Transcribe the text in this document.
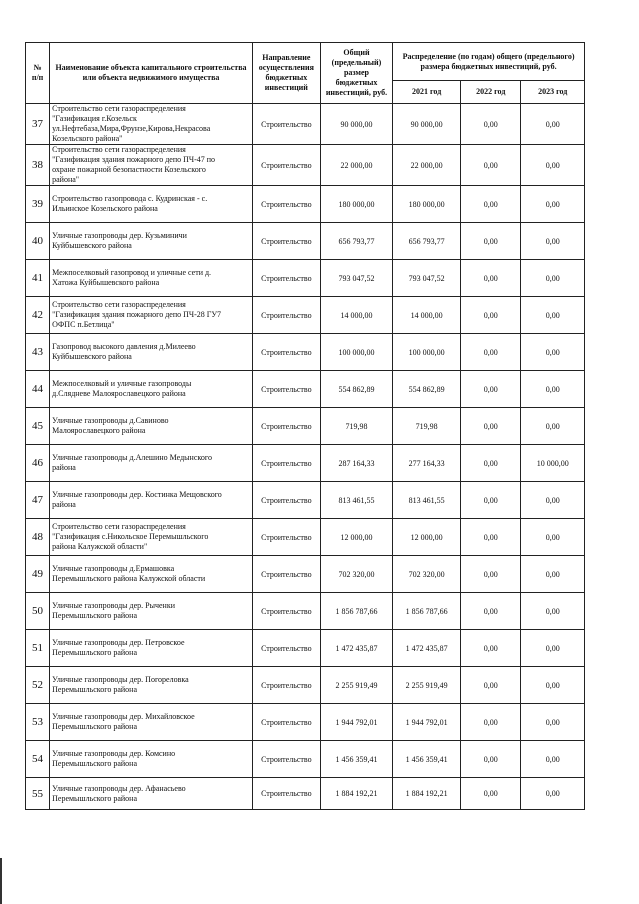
№
п/п	Наименование объекта капитального строительства или объекта недвижимого имущества	Направление осуществления бюджетных инвестиций	Общий (предельный) размер бюджетных инвестиций, руб.	Распределение (по годам) общего (предельного) размера бюджетных инвестиций, руб.		
				2021 год	2022 год	2023 год
37	Строительство сети газораспределения
"Газификация г.Козельск
ул.Нефтебаза,Мира,Фрунзе,Кирова,Некрасова
Козельского района"	Строительство	90 000,00	90 000,00	0,00	0,00
38	Строительство сети газораспределения
"Газификация здания пожарного депо ПЧ-47 по
охране пожарной безопастности Козельского
района"	Строительство	22 000,00	22 000,00	0,00	0,00
39	Строительство газопровода с. Кудринская - с.
Ильинское Козельского района	Строительство	180 000,00	180 000,00	0,00	0,00
40	Уличные газопроводы дер. Кузьминичи
Куйбышевского района	Строительство	656 793,77	656 793,77	0,00	0,00
41	Межпоселковый газопровод и уличные сети д.
Хатожа Куйбышевского района	Строительство	793 047,52	793 047,52	0,00	0,00
42	Строительство сети газораспределения
"Газификация здания пожарного депо ПЧ-28 ГУ7
ОФПС п.Бетлица"	Строительство	14 000,00	14 000,00	0,00	0,00
43	Газопровод высокого давления д.Милеево
Куйбышевского района	Строительство	100 000,00	100 000,00	0,00	0,00
44	Межпоселковый и уличные газопроводы
д.Слядневе Малоярославецкого района	Строительство	554 862,89	554 862,89	0,00	0,00
45	Уличные газопроводы д.Савиново
Малоярославецкого района	Строительство	719,98	719,98	0,00	0,00
46	Уличные газопроводы д.Алешино Медынского
района	Строительство	287 164,33	277 164,33	0,00	10 000,00
47	Уличные газопроводы дер. Костинка Мещовского
района	Строительство	813 461,55	813 461,55	0,00	0,00
48	Строительство сети газораспределения
"Газификация с.Никольское Перемышльского
района Калужской области"	Строительство	12 000,00	12 000,00	0,00	0,00
49	Уличные газопроводы д.Ермашовка
Перемышльского района Калужской области	Строительство	702 320,00	702 320,00	0,00	0,00
50	Уличные газопроводы дер. Рыченки
Перемышльского района	Строительство	1 856 787,66	1 856 787,66	0,00	0,00
51	Уличные газопроводы дер. Петровское
Перемышльского района	Строительство	1 472 435,87	1 472 435,87	0,00	0,00
52	Уличные газопроводы дер. Погореловка
Перемышльского района	Строительство	2 255 919,49	2 255 919,49	0,00	0,00
53	Уличные газопроводы дер. Михайловское
Перемышльского района	Строительство	1 944 792,01	1 944 792,01	0,00	0,00
54	Уличные газопроводы дер. Комсино
Перемышльского района	Строительство	1 456 359,41	1 456 359,41	0,00	0,00
55	Уличные газопроводы дер. Афанасьево
Перемышльского района	Строительство	1 884 192,21	1 884 192,21	0,00	0,00
